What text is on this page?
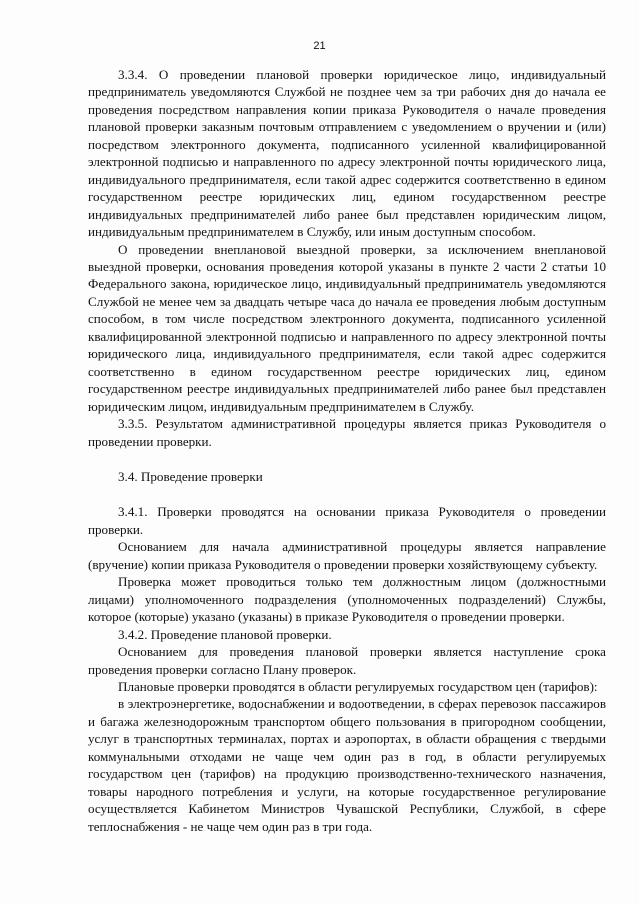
21

3.3.4. О проведении плановой проверки юридическое лицо, индивидуальный предприниматель уведомляются Службой не позднее чем за три рабочих дня до начала ее проведения посредством направления копии приказа Руководителя о начале проведения плановой проверки заказным почтовым отправлением с уведомлением о вручении и (или) посредством электронного документа, подписанного усиленной квалифицированной электронной подписью и направленного по адресу электронной почты юридического лица, индивидуального предпринимателя, если такой адрес содержится соответственно в едином государственном реестре юридических лиц, едином государственном реестре индивидуальных предпринимателей либо ранее был представлен юридическим лицом, индивидуальным предпринимателем в Службу, или иным доступным способом.

О проведении внеплановой выездной проверки, за исключением внеплановой выездной проверки, основания проведения которой указаны в пункте 2 части 2 статьи 10 Федерального закона, юридическое лицо, индивидуальный предприниматель уведомляются Службой не менее чем за двадцать четыре часа до начала ее проведения любым доступным способом, в том числе посредством электронного документа, подписанного усиленной квалифицированной электронной подписью и направленного по адресу электронной почты юридического лица, индивидуального предпринимателя, если такой адрес содержится соответственно в едином государственном реестре юридических лиц, едином государственном реестре индивидуальных предпринимателей либо ранее был представлен юридическим лицом, индивидуальным предпринимателем в Службу.

3.3.5. Результатом административной процедуры является приказ Руководителя о проведении проверки.

3.4. Проведение проверки

3.4.1. Проверки проводятся на основании приказа Руководителя о проведении проверки.

Основанием для начала административной процедуры является направление (вручение) копии приказа Руководителя о проведении проверки хозяйствующему субъекту.

Проверка может проводиться только тем должностным лицом (должностными лицами) уполномоченного подразделения (уполномоченных подразделений) Службы, которое (которые) указано (указаны) в приказе Руководителя о проведении проверки.

3.4.2. Проведение плановой проверки.

Основанием для проведения плановой проверки является наступление срока проведения проверки согласно Плану проверок.

Плановые проверки проводятся в области регулируемых государством цен (тарифов):

в электроэнергетике, водоснабжении и водоотведении, в сферах перевозок пассажиров и багажа железнодорожным транспортом общего пользования в пригородном сообщении, услуг в транспортных терминалах, портах и аэропортах, в области обращения с твердыми коммунальными отходами не чаще чем один раз в год, в области регулируемых государством цен (тарифов) на продукцию производственно-технического назначения, товары народного потребления и услуги, на которые государственное регулирование осуществляется Кабинетом Министров Чувашской Республики, Службой, в сфере теплоснабжения - не чаще чем один раз в три года.
